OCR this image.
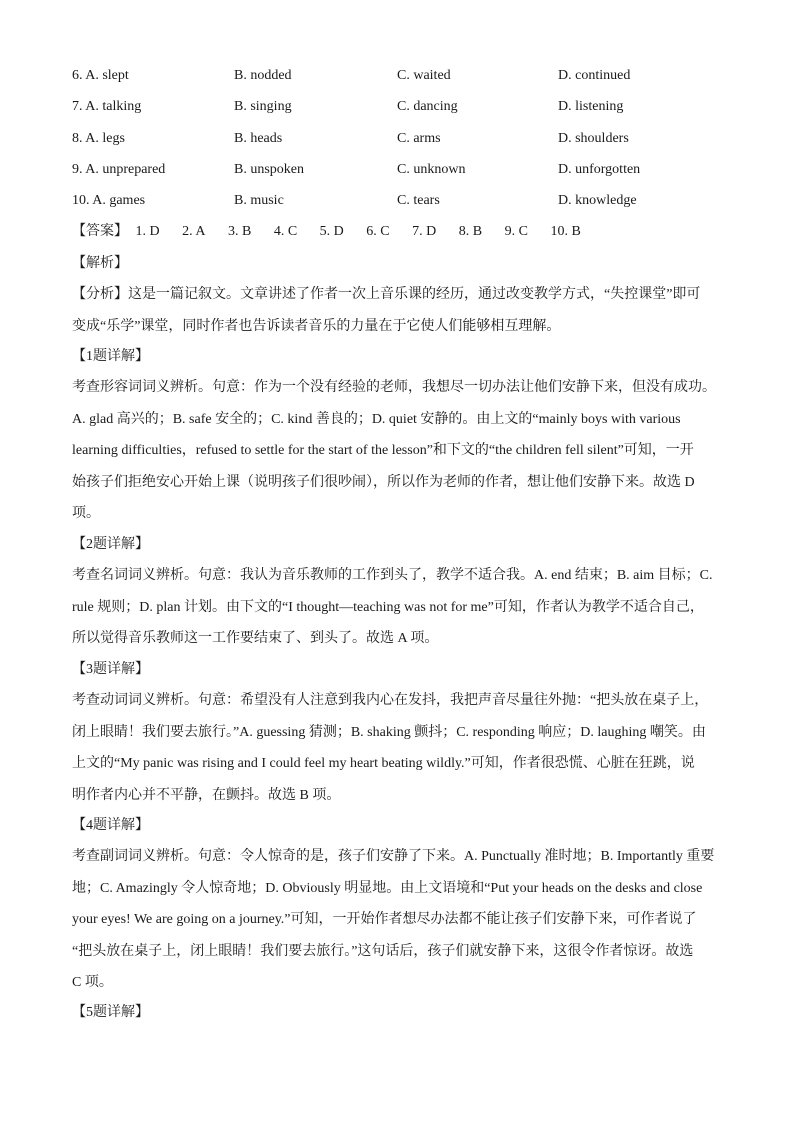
6. A. slept	B. nodded	C. waited	D. continued
7. A. talking	B. singing	C. dancing	D. listening
8. A. legs	B. heads	C. arms	D. shoulders
9. A. unprepared	B. unspoken	C. unknown	D. unforgotten
10. A. games	B. music	C. tears	D. knowledge
【答案】 1. D 2. A 3. B 4. C 5. D 6. C 7. D 8. B 9. C 10. B
【解析】
【分析】这是一篇记叙文。文章讲述了作者一次上音乐课的经历，通过改变教学方式，“失控课堂”即可
变成“乐学”课堂，同时作者也告诉读者音乐的力量在于它使人们能够相互理解。
【1题详解】
考查形容词词义辨析。句意：作为一个没有经验的老师，我想尽一切办法让他们安静下来，但没有成功。
A. glad 高兴的；B. safe 安全的；C. kind 善良的；D. quiet 安静的。由上文的“mainly boys with various
learning difficulties，refused to settle for the start of the lesson”和下文的“the children fell silent”可知，一开
始孩子们拒绝安心开始上课（说明孩子们很吵闹），所以作为老师的作者，想让他们安静下来。故选 D
项。
【2题详解】
考查名词词义辨析。句意：我认为音乐教师的工作到头了，教学不适合我。A. end 结束；B. aim 目标；C.
rule 规则；D. plan 计划。由下文的“I thought—teaching was not for me”可知，作者认为教学不适合自己，
所以觉得音乐教师这一工作要结束了、到头了。故选 A 项。
【3题详解】
考查动词词义辨析。句意：希望没有人注意到我内心在发抖，我把声音尽量往外抛：“把头放在桌子上，
闭上眼睛！我们要去旅行。”A. guessing 猜测；B. shaking 颤抖；C. responding 响应；D. laughing 嘲笑。由
上文的“My panic was rising and I could feel my heart beating wildly.”可知，作者很恐慌、心脏在狂跳，说
明作者内心并不平静，在颤抖。故选 B 项。
【4题详解】
考查副词词义辨析。句意：令人惊奇的是，孩子们安静了下来。A. Punctually 准时地；B. Importantly 重要
地；C. Amazingly 令人惊奇地；D. Obviously 明显地。由上文语境和“Put your heads on the desks and close
your eyes! We are going on a journey.”可知，一开始作者想尽办法都不能让孩子们安静下来，可作者说了
“把头放在桌子上，闭上眼睛！我们要去旅行。”这句话后，孩子们就安静下来，这很令作者惊讶。故选
C 项。
【5题详解】
